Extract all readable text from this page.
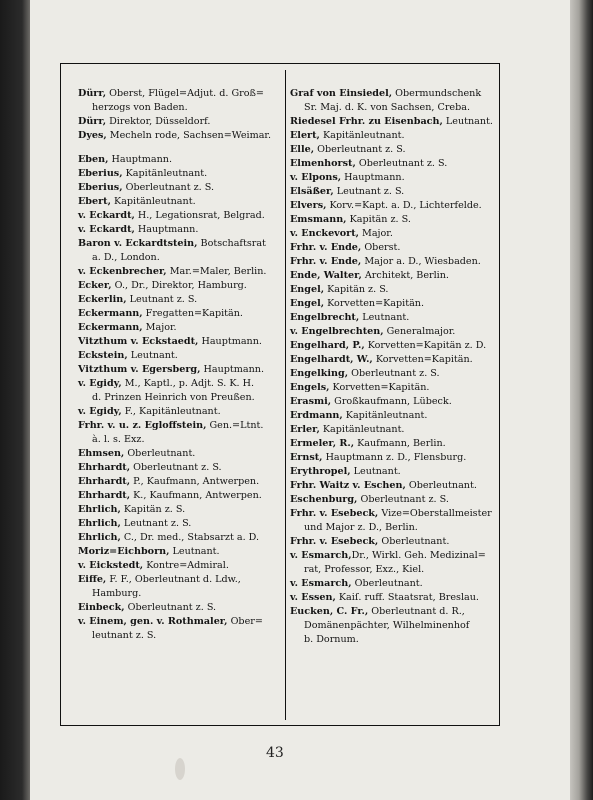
Dürr, Oberst, Flügel=Adjut. d. Groß=
herzogs von Baden.
Dürr, Direktor, Düsseldorf.
Dyes, Mecheln rode, Sachsen=Weimar.
Eben, Hauptmann.
Eberius, Kapitänleutnant.
Eberius, Oberleutnant z. S.
Ebert, Kapitänleutnant.
v. Eckardt, H., Legationsrat, Belgrad.
v. Eckardt, Hauptmann.
Baron v. Eckardtstein, Botschaftsrat
a. D., London.
v. Eckenbrecher, Mar.=Maler, Berlin.
Ecker, O., Dr., Direktor, Hamburg.
Eckerlin, Leutnant z. S.
Eckermann, Fregatten=Kapitän.
Eckermann, Major.
Vitzthum v. Eckstaedt, Hauptmann.
Eckstein, Leutnant.
Vitzthum v. Egersberg, Hauptmann.
v. Egidy, M., Kaptl., p. Adjt. S. K. H.
d. Prinzen Heinrich von Preußen.
v. Egidy, F., Kapitänleutnant.
Frhr. v. u. z. Egloffstein, Gen.=Ltnt.
à. l. s. Exz.
Ehmsen, Oberleutnant.
Ehrhardt, Oberleutnant z. S.
Ehrhardt, P., Kaufmann, Antwerpen.
Ehrhardt, K., Kaufmann, Antwerpen.
Ehrlich, Kapitän z. S.
Ehrlich, Leutnant z. S.
Ehrlich, C., Dr. med., Stabsarzt a. D.
Moriz=Eichborn, Leutnant.
v. Eickstedt, Kontre=Admiral.
Eiffe, F. F., Oberleutnant d. Ldw.,
Hamburg.
Einbeck, Oberleutnant z. S.
v. Einem, gen. v. Rothmaler, Ober=
leutnant z. S.
Graf von Einsiedel, Obermundschenk
Sr. Maj. d. K. von Sachsen, Creba.
Riedesel Frhr. zu Eisenbach, Leutnant.
Elert, Kapitänleutnant.
Elle, Oberleutnant z. S.
Elmenhorst, Oberleutnant z. S.
v. Elpons, Hauptmann.
Elsäßer, Leutnant z. S.
Elvers, Korv.=Kapt. a. D., Lichterfelde.
Emsmann, Kapitän z. S.
v. Enckevort, Major.
Frhr. v. Ende, Oberst.
Frhr. v. Ende, Major a. D., Wiesbaden.
Ende, Walter, Architekt, Berlin.
Engel, Kapitän z. S.
Engel, Korvetten=Kapitän.
Engelbrecht, Leutnant.
v. Engelbrechten, Generalmajor.
Engelhard, P., Korvetten=Kapitän z. D.
Engelhardt, W., Korvetten=Kapitän.
Engelking, Oberleutnant z. S.
Engels, Korvetten=Kapitän.
Erasmi, Großkaufmann, Lübeck.
Erdmann, Kapitänleutnant.
Erler, Kapitänleutnant.
Ermeler, R., Kaufmann, Berlin.
Ernst, Hauptmann z. D., Flensburg.
Erythropel, Leutnant.
Frhr. Waitz v. Eschen, Oberleutnant.
Eschenburg, Oberleutnant z. S.
Frhr. v. Esebeck, Vize=Oberstallmeister
und Major z. D., Berlin.
Frhr. v. Esebeck, Oberleutnant.
v. Esmarch,Dr., Wirkl. Geh. Medizinal=
rat, Professor, Exz., Kiel.
v. Esmarch, Oberleutnant.
v. Essen, Kaiſ. ruff. Staatsrat, Breslau.
Eucken, C. Fr., Oberleutnant d. R.,
Domänenpächter, Wilhelminenhof
b. Dornum.
43
